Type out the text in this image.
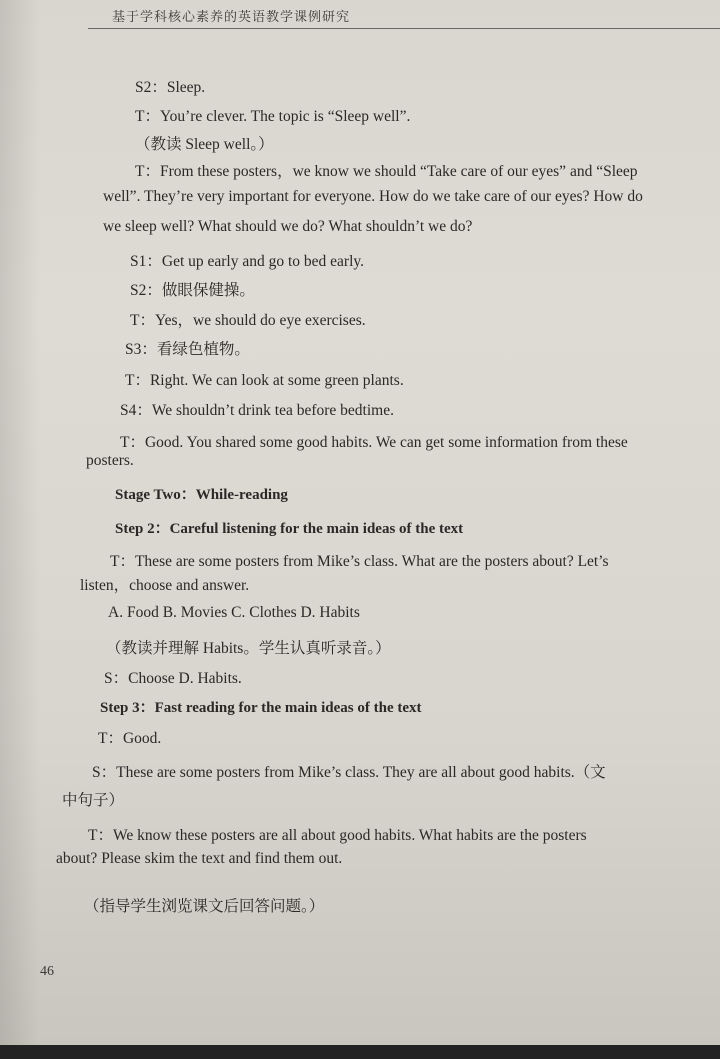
基于学科核心素养的英语教学课例研究
S2：Sleep.
T：You’re clever. The topic is “Sleep well”.
（教读 Sleep well。）
T：From these posters，we know we should “Take care of our eyes” and “Sleep
well”. They’re very important for everyone. How do we take care of our eyes? How do
we sleep well? What should we do? What shouldn’t we do?
S1：Get up early and go to bed early.
S2：做眼保健操。
T：Yes，we should do eye exercises.
S3：看绿色植物。
T：Right. We can look at some green plants.
S4：We shouldn’t drink tea before bedtime.
T：Good. You shared some good habits. We can get some information from these
posters.
Stage Two：While-reading
Step 2：Careful listening for the main ideas of the text
T：These are some posters from Mike’s class. What are the posters about? Let’s
listen，choose and answer.
A. Food B. Movies C. Clothes D. Habits
（教读并理解 Habits。学生认真听录音。）
S：Choose D. Habits.
Step 3：Fast reading for the main ideas of the text
T：Good.
S：These are some posters from Mike’s class. They are all about good habits.（文
中句子）
T：We know these posters are all about good habits. What habits are the posters
about? Please skim the text and find them out.
（指导学生浏览课文后回答问题。）
46
